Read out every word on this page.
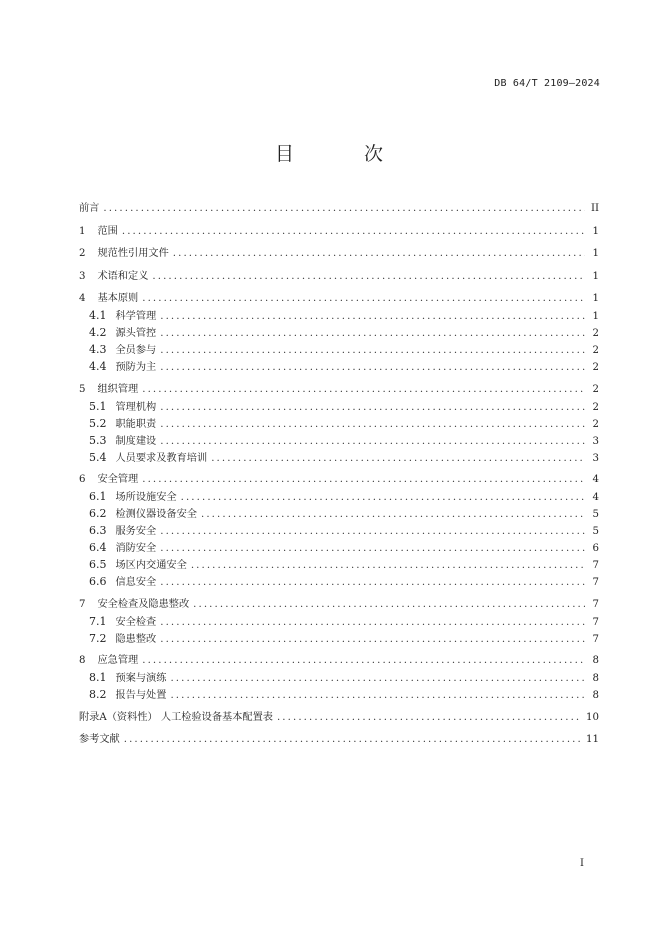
DB 64/T 2109—2024
目 次
前言 .....	II
1 范围 .....	1
2 规范性引用文件 .....	1
3 术语和定义 .....	1
4 基本原则 .....	1
4.1 科学管理 .....	1
4.2 源头管控 .....	2
4.3 全员参与 .....	2
4.4 预防为主 .....	2
5 组织管理 .....	2
5.1 管理机构 .....	2
5.2 职能职责 .....	2
5.3 制度建设 .....	3
5.4 人员要求及教育培训 .....	3
6 安全管理 .....	4
6.1 场所设施安全 .....	4
6.2 检测仪器设备安全 .....	5
6.3 服务安全 .....	5
6.4 消防安全 .....	6
6.5 场区内交通安全 .....	7
6.6 信息安全 .....	7
7 安全检查及隐患整改 .....	7
7.1 安全检查 .....	7
7.2 隐患整改 .....	7
8 应急管理 .....	8
8.1 预案与演练 .....	8
8.2 报告与处置 .....	8
附录A（资料性） 人工检验设备基本配置表 .....	10
参考文献 .....	11
I
